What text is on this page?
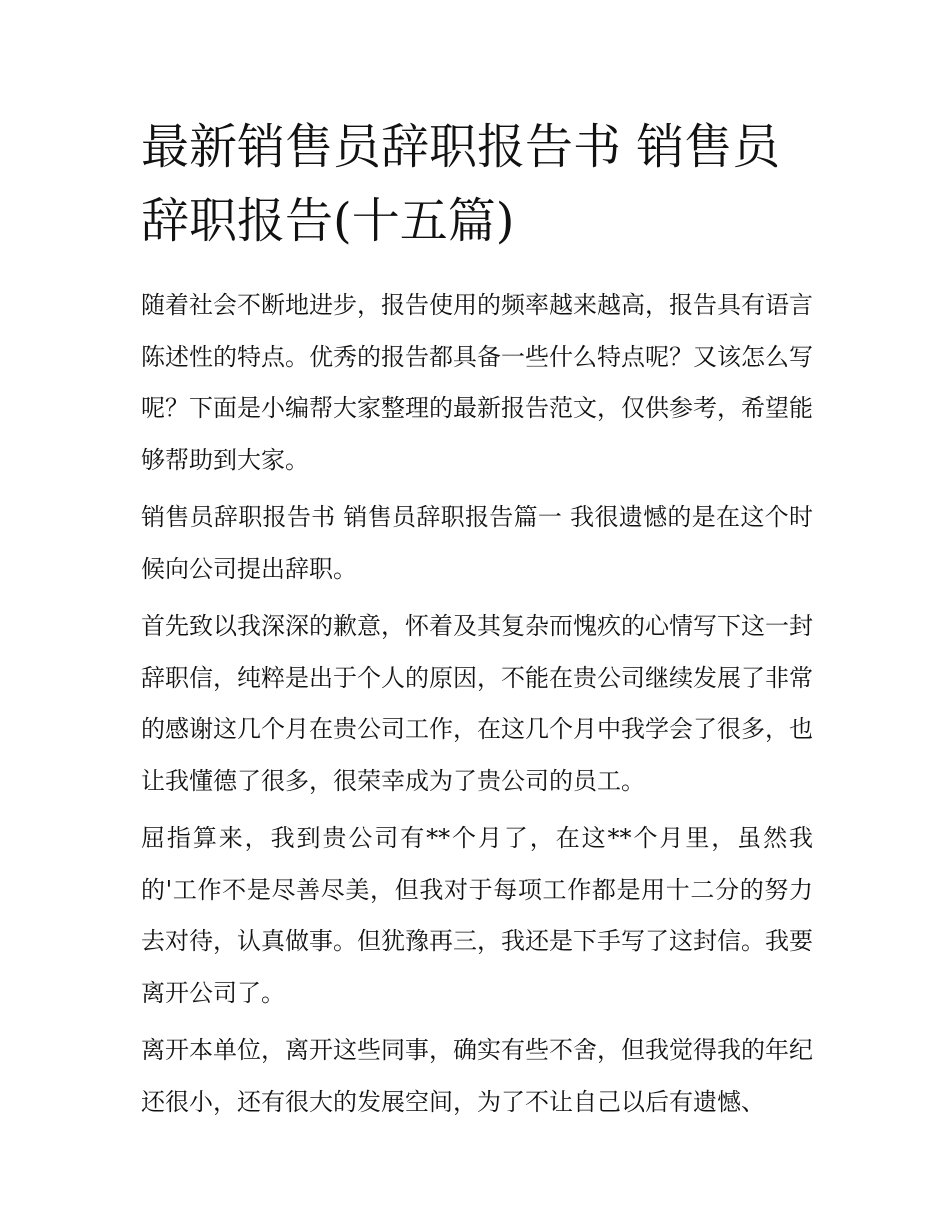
最新销售员辞职报告书 销售员辞职报告(十五篇)

随着社会不断地进步，报告使用的频率越来越高，报告具有语言陈述性的特点。优秀的报告都具备一些什么特点呢？又该怎么写呢？下面是小编帮大家整理的最新报告范文，仅供参考，希望能够帮助到大家。

销售员辞职报告书 销售员辞职报告篇一 我很遗憾的是在这个时候向公司提出辞职。

首先致以我深深的歉意，怀着及其复杂而愧疚的心情写下这一封辞职信，纯粹是出于个人的原因，不能在贵公司继续发展了非常的感谢这几个月在贵公司工作，在这几个月中我学会了很多，也让我懂德了很多，很荣幸成为了贵公司的员工。

屈指算来，我到贵公司有**个月了，在这**个月里，虽然我的'工作不是尽善尽美，但我对于每项工作都是用十二分的努力去对待，认真做事。但犹豫再三，我还是下手写了这封信。我要离开公司了。

离开本单位，离开这些同事，确实有些不舍，但我觉得我的年纪还很小，还有很大的发展空间，为了不让自己以后有遗憾、
